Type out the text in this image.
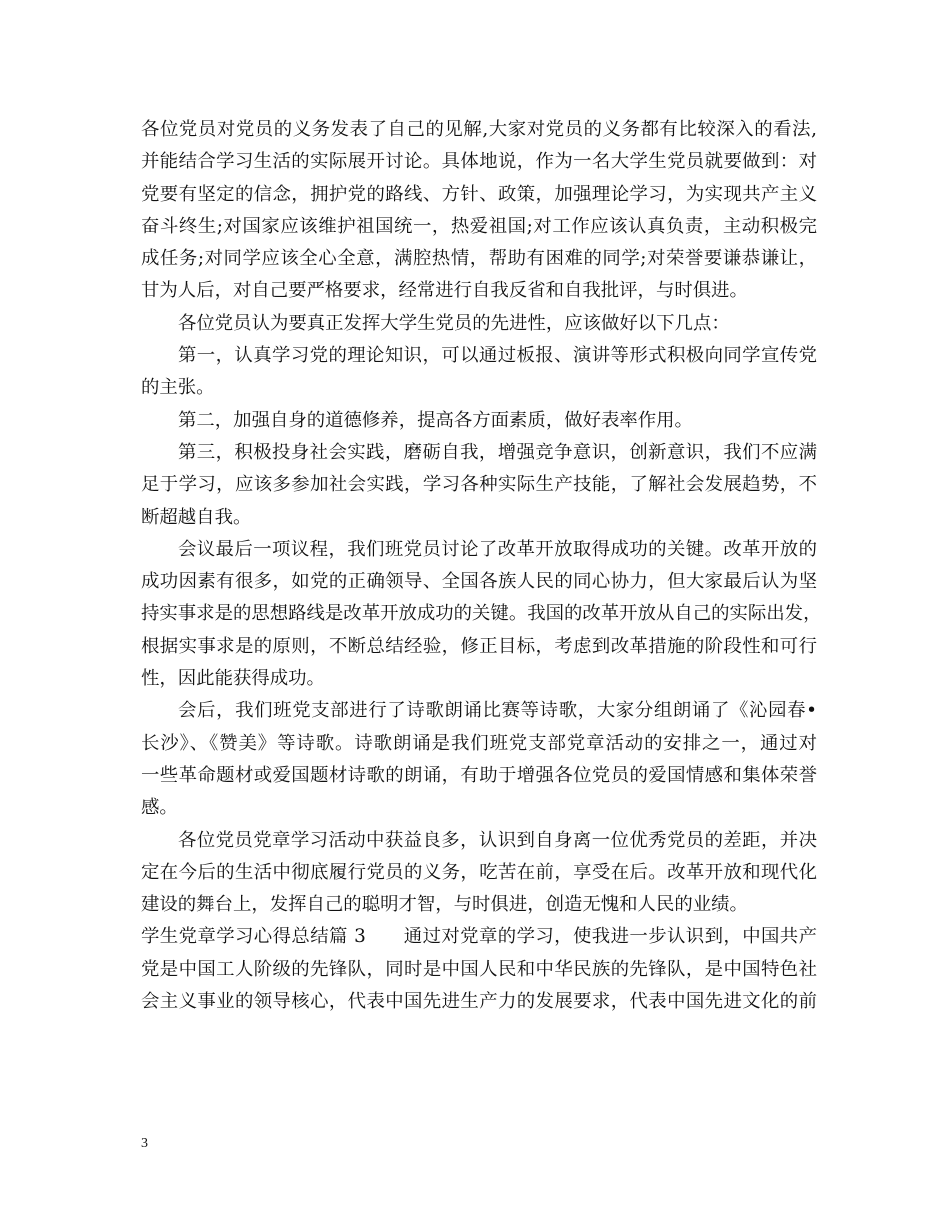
各位党员对党员的义务发表了自己的见解,大家对党员的义务都有比较深入的看法,
并能结合学习生活的实际展开讨论。具体地说，作为一名大学生党员就要做到：对
党要有坚定的信念，拥护党的路线、方针、政策，加强理论学习，为实现共产主义
奋斗终生;对国家应该维护祖国统一，热爱祖国;对工作应该认真负责，主动积极完
成任务;对同学应该全心全意，满腔热情，帮助有困难的同学;对荣誉要谦恭谦让，
甘为人后，对自己要严格要求，经常进行自我反省和自我批评，与时俱进。
各位党员认为要真正发挥大学生党员的先进性，应该做好以下几点：
第一，认真学习党的理论知识，可以通过板报、演讲等形式积极向同学宣传党
的主张。
第二，加强自身的道德修养，提高各方面素质，做好表率作用。
第三，积极投身社会实践，磨砺自我，增强竞争意识，创新意识，我们不应满
足于学习，应该多参加社会实践，学习各种实际生产技能，了解社会发展趋势，不
断超越自我。
会议最后一项议程，我们班党员讨论了改革开放取得成功的关键。改革开放的
成功因素有很多，如党的正确领导、全国各族人民的同心协力，但大家最后认为坚
持实事求是的思想路线是改革开放成功的关键。我国的改革开放从自己的实际出发，
根据实事求是的原则，不断总结经验，修正目标，考虑到改革措施的阶段性和可行
性，因此能获得成功。
会后，我们班党支部进行了诗歌朗诵比赛等诗歌，大家分组朗诵了《沁园春•
长沙》、《赞美》等诗歌。诗歌朗诵是我们班党支部党章活动的安排之一，通过对
一些革命题材或爱国题材诗歌的朗诵，有助于增强各位党员的爱国情感和集体荣誉
感。
各位党员党章学习活动中获益良多，认识到自身离一位优秀党员的差距，并决
定在今后的生活中彻底履行党员的义务，吃苦在前，享受在后。改革开放和现代化
建设的舞台上，发挥自己的聪明才智，与时俱进，创造无愧和人民的业绩。
学生党章学习心得总结篇 3　　通过对党章的学习，使我进一步认识到，中国共产
党是中国工人阶级的先锋队，同时是中国人民和中华民族的先锋队，是中国特色社
会主义事业的领导核心，代表中国先进生产力的发展要求，代表中国先进文化的前
3
